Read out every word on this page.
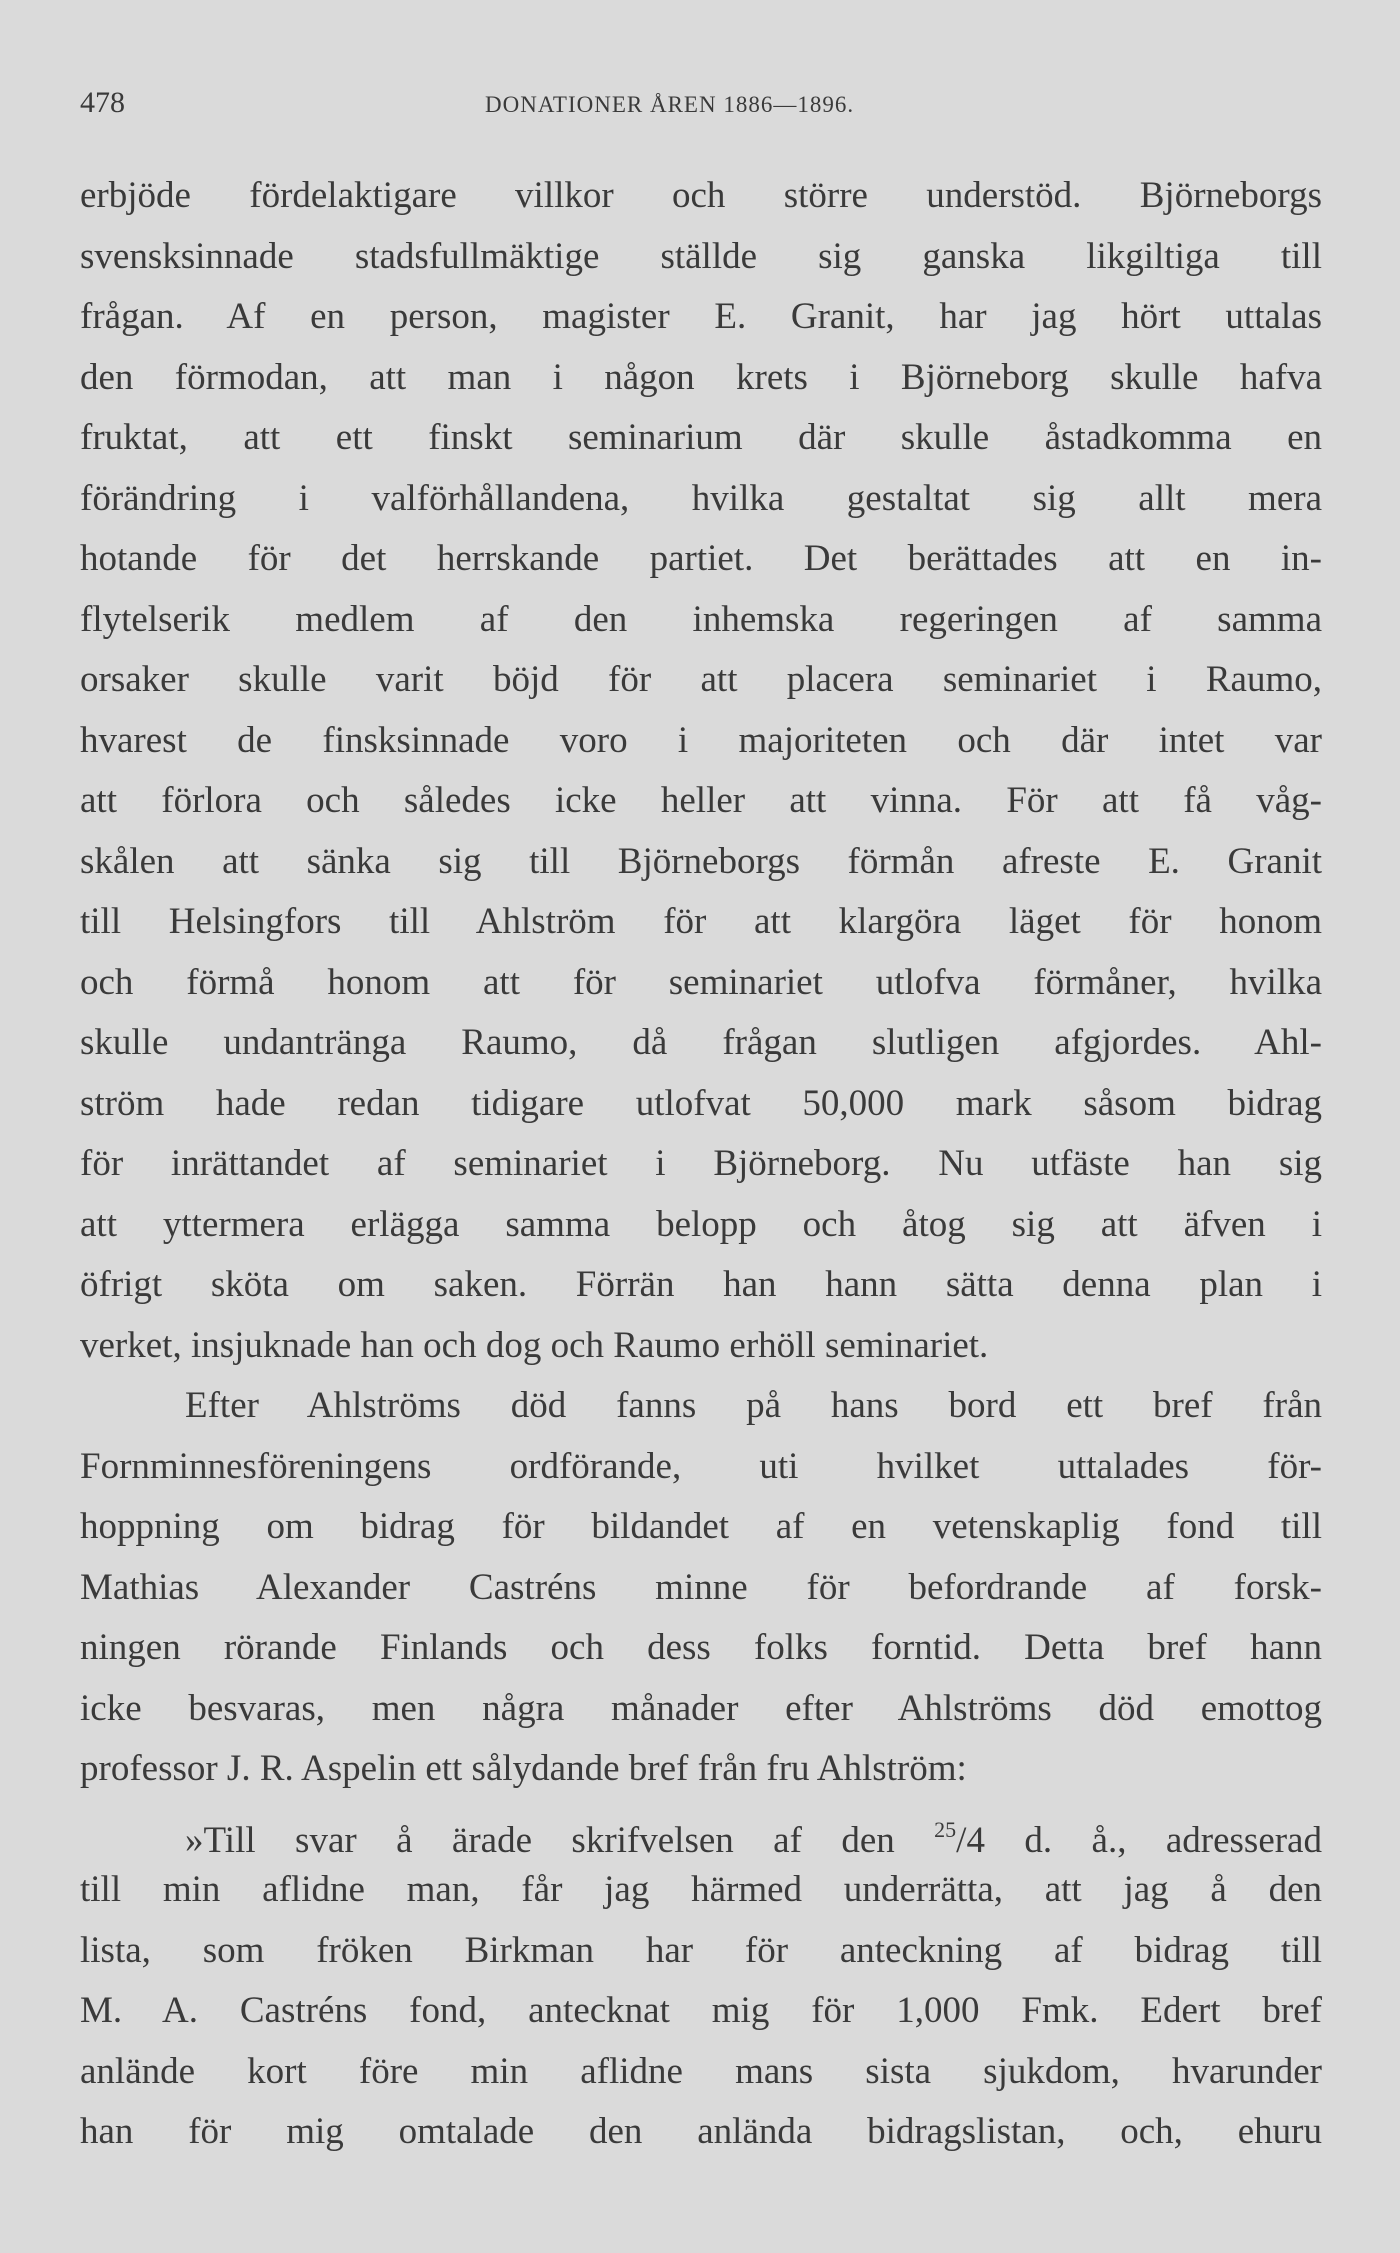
478	DONATIONER ÅREN 1886—1896.
erbjöde fördelaktigare villkor och större understöd. Björneborgs
svensksinnade stadsfullmäktige ställde sig ganska likgiltiga till
frågan. Af en person, magister E. Granit, har jag hört uttalas
den förmodan, att man i någon krets i Björneborg skulle hafva
fruktat, att ett finskt seminarium där skulle åstadkomma en
förändring i valförhållandena, hvilka gestaltat sig allt mera
hotande för det herrskande partiet. Det berättades att en in-
flytelserik medlem af den inhemska regeringen af samma
orsaker skulle varit böjd för att placera seminariet i Raumo,
hvarest de finsksinnade voro i majoriteten och där intet var
att förlora och således icke heller att vinna. För att få våg-
skålen att sänka sig till Björneborgs förmån afreste E. Granit
till Helsingfors till Ahlström för att klargöra läget för honom
och förmå honom att för seminariet utlofva förmåner, hvilka
skulle undantränga Raumo, då frågan slutligen afgjordes. Ahl-
ström hade redan tidigare utlofvat 50,000 mark såsom bidrag
för inrättandet af seminariet i Björneborg. Nu utfäste han sig
att yttermera erlägga samma belopp och åtog sig att äfven i
öfrigt sköta om saken. Förrän han hann sätta denna plan i
verket, insjuknade han och dog och Raumo erhöll seminariet.
Efter Ahlströms död fanns på hans bord ett bref från
Fornminnesföreningens ordförande, uti hvilket uttalades för-
hoppning om bidrag för bildandet af en vetenskaplig fond till
Mathias Alexander Castréns minne för befordrande af forsk-
ningen rörande Finlands och dess folks forntid. Detta bref hann
icke besvaras, men några månader efter Ahlströms död emottog
professor J. R. Aspelin ett sålydande bref från fru Ahlström:
»Till svar å ärade skrifvelsen af den $^{25}$/4 d. å., adresserad
till min aflidne man, får jag härmed underrätta, att jag å den
lista, som fröken Birkman har för anteckning af bidrag till
M. A. Castréns fond, antecknat mig för 1,000 Fmk. Edert bref
anlände kort före min aflidne mans sista sjukdom, hvarunder
han för mig omtalade den anlända bidragslistan, och, ehuru
